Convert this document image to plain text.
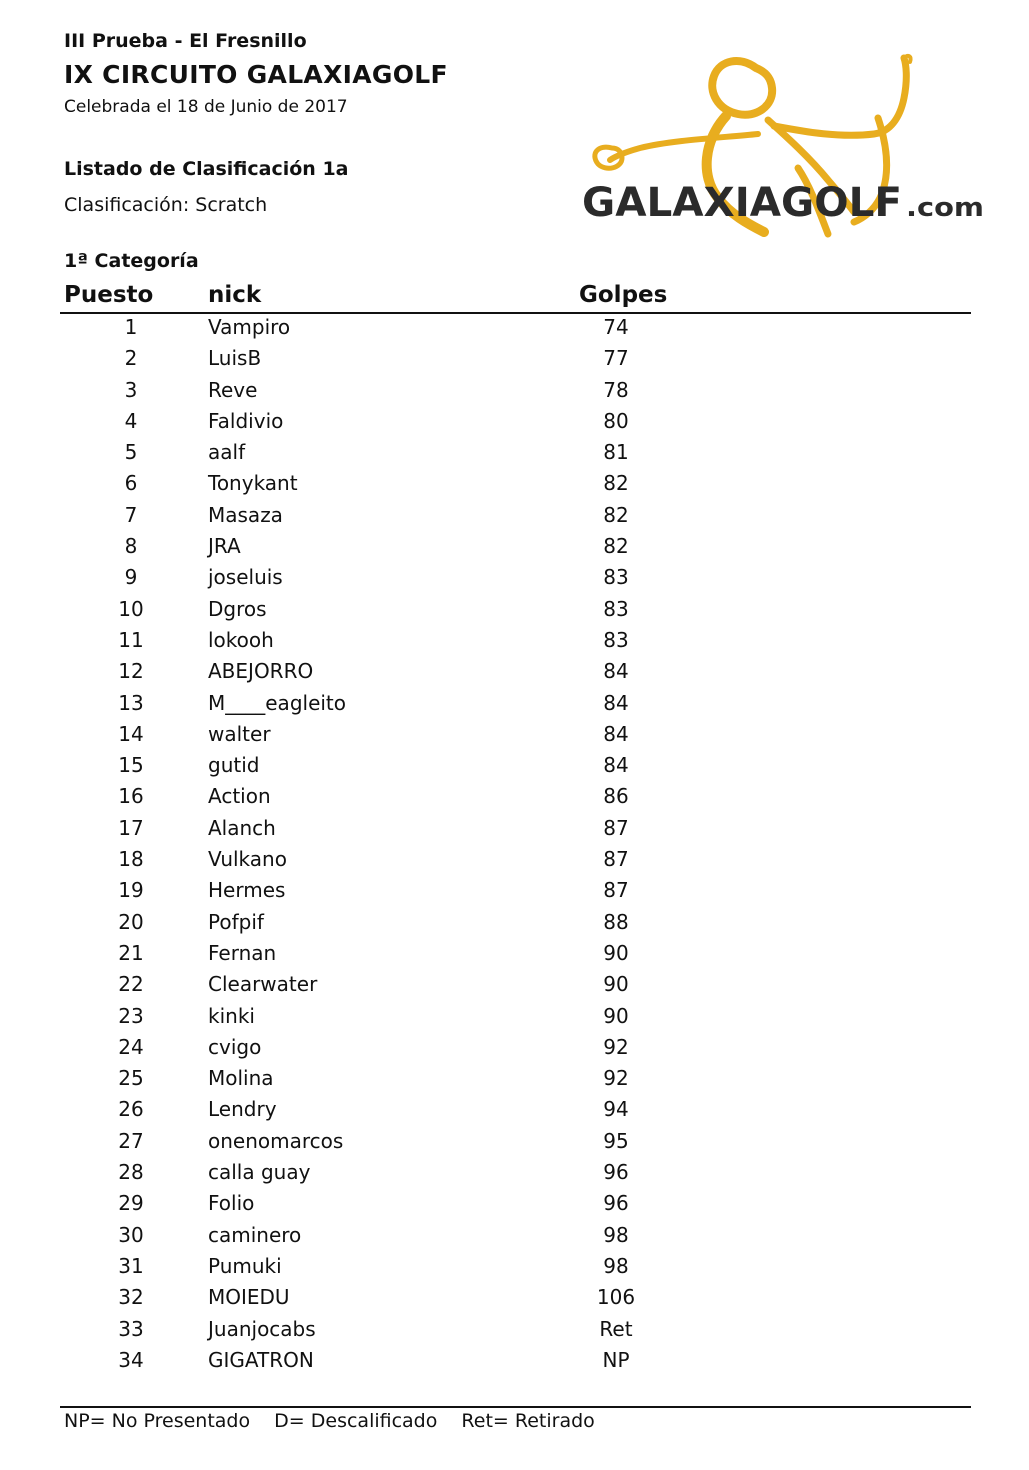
III Prueba - El Fresnillo
IX CIRCUITO GALAXIAGOLF
Celebrada el 18 de Junio de 2017
Listado de Clasificación 1a
Clasificación: Scratch
1ª Categoría
GALAXIAGOLF .com
Puesto nick	Golpes
1	Vampiro	74
2	LuisB	77
3	Reve	78
4	Faldivio	80
5	aalf	81
6	Tonykant	82
7	Masaza	82
8	JRA	82
9	joseluis	83
10	Dgros	83
11	lokooh	83
12	ABEJORRO	84
13	M____eagleito	84
14	walter	84
15	gutid	84
16	Action	86
17	Alanch	87
18	Vulkano	87
19	Hermes	87
20	Pofpif	88
21	Fernan	90
22	Clearwater	90
23	kinki	90
24	cvigo	92
25	Molina	92
26	Lendry	94
27	onenomarcos	95
28	calla guay	96
29	Folio	96
30	caminero	98
31	Pumuki	98
32	MOIEDU	106
33	Juanjocabs	Ret
34	GIGATRON	NP
NP= No Presentado D= Descalificado Ret= Retirado
